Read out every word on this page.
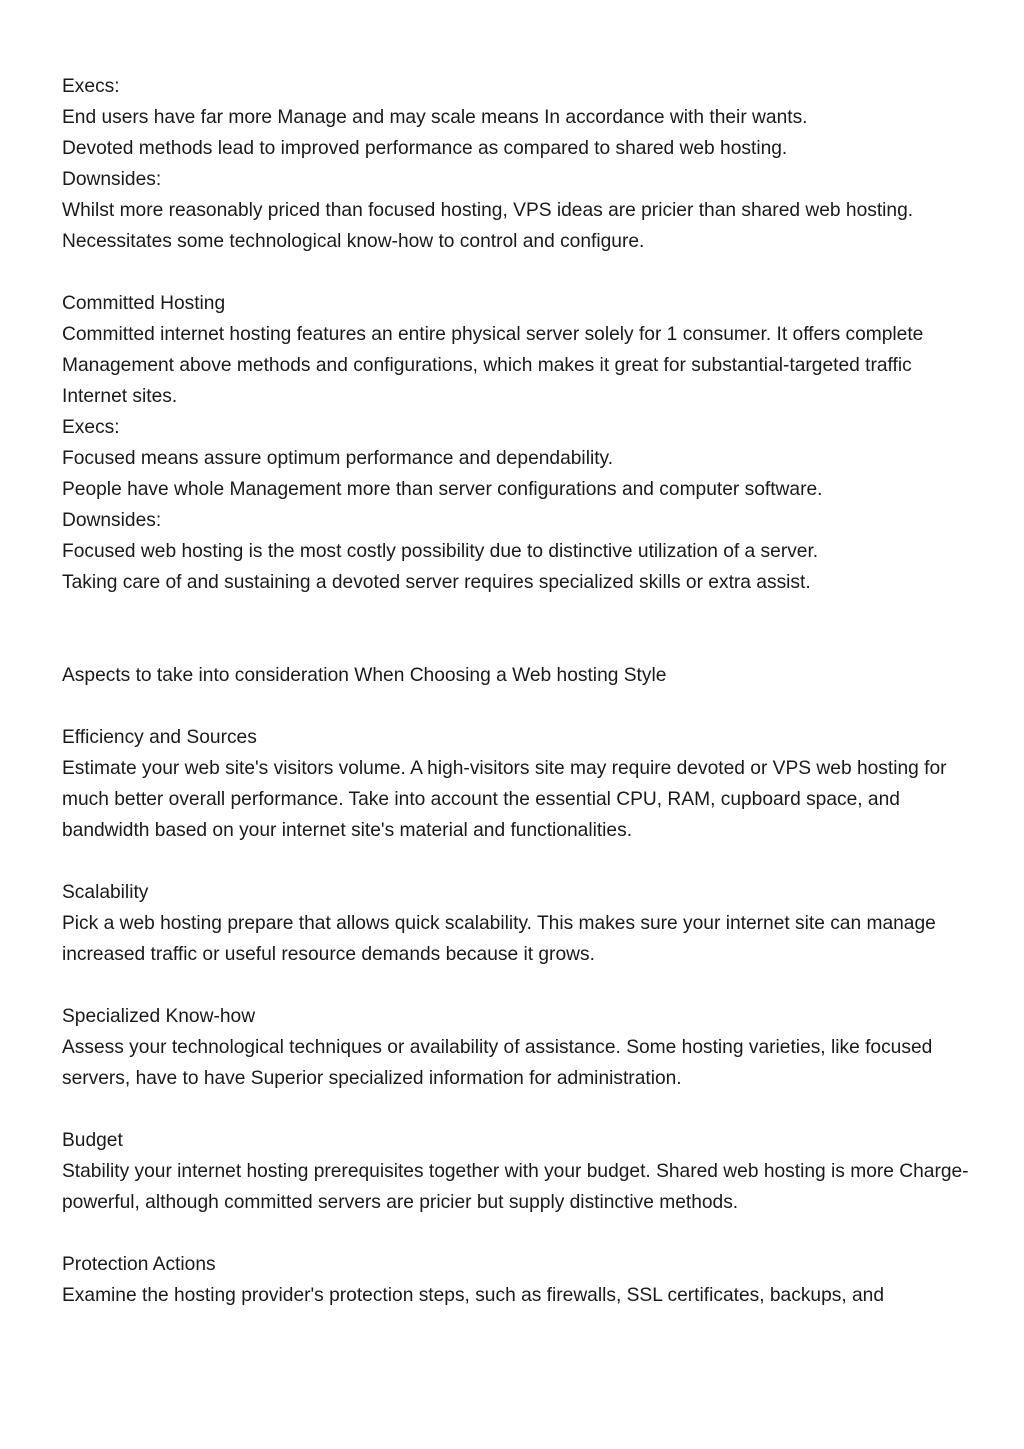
Execs:
End users have far more Manage and may scale means In accordance with their wants.
Devoted methods lead to improved performance as compared to shared web hosting.
Downsides:
Whilst more reasonably priced than focused hosting, VPS ideas are pricier than shared web hosting.
Necessitates some technological know-how to control and configure.
Committed Hosting
Committed internet hosting features an entire physical server solely for 1 consumer. It offers complete Management above methods and configurations, which makes it great for substantial-targeted traffic Internet sites.
Execs:
Focused means assure optimum performance and dependability.
People have whole Management more than server configurations and computer software.
Downsides:
Focused web hosting is the most costly possibility due to distinctive utilization of a server.
Taking care of and sustaining a devoted server requires specialized skills or extra assist.
Aspects to take into consideration When Choosing a Web hosting Style
Efficiency and Sources
Estimate your web site's visitors volume. A high-visitors site may require devoted or VPS web hosting for much better overall performance. Take into account the essential CPU, RAM, cupboard space, and bandwidth based on your internet site's material and functionalities.
Scalability
Pick a web hosting prepare that allows quick scalability. This makes sure your internet site can manage increased traffic or useful resource demands because it grows.
Specialized Know-how
Assess your technological techniques or availability of assistance. Some hosting varieties, like focused servers, have to have Superior specialized information for administration.
Budget
Stability your internet hosting prerequisites together with your budget. Shared web hosting is more Charge-powerful, although committed servers are pricier but supply distinctive methods.
Protection Actions
Examine the hosting provider's protection steps, such as firewalls, SSL certificates, backups, and
